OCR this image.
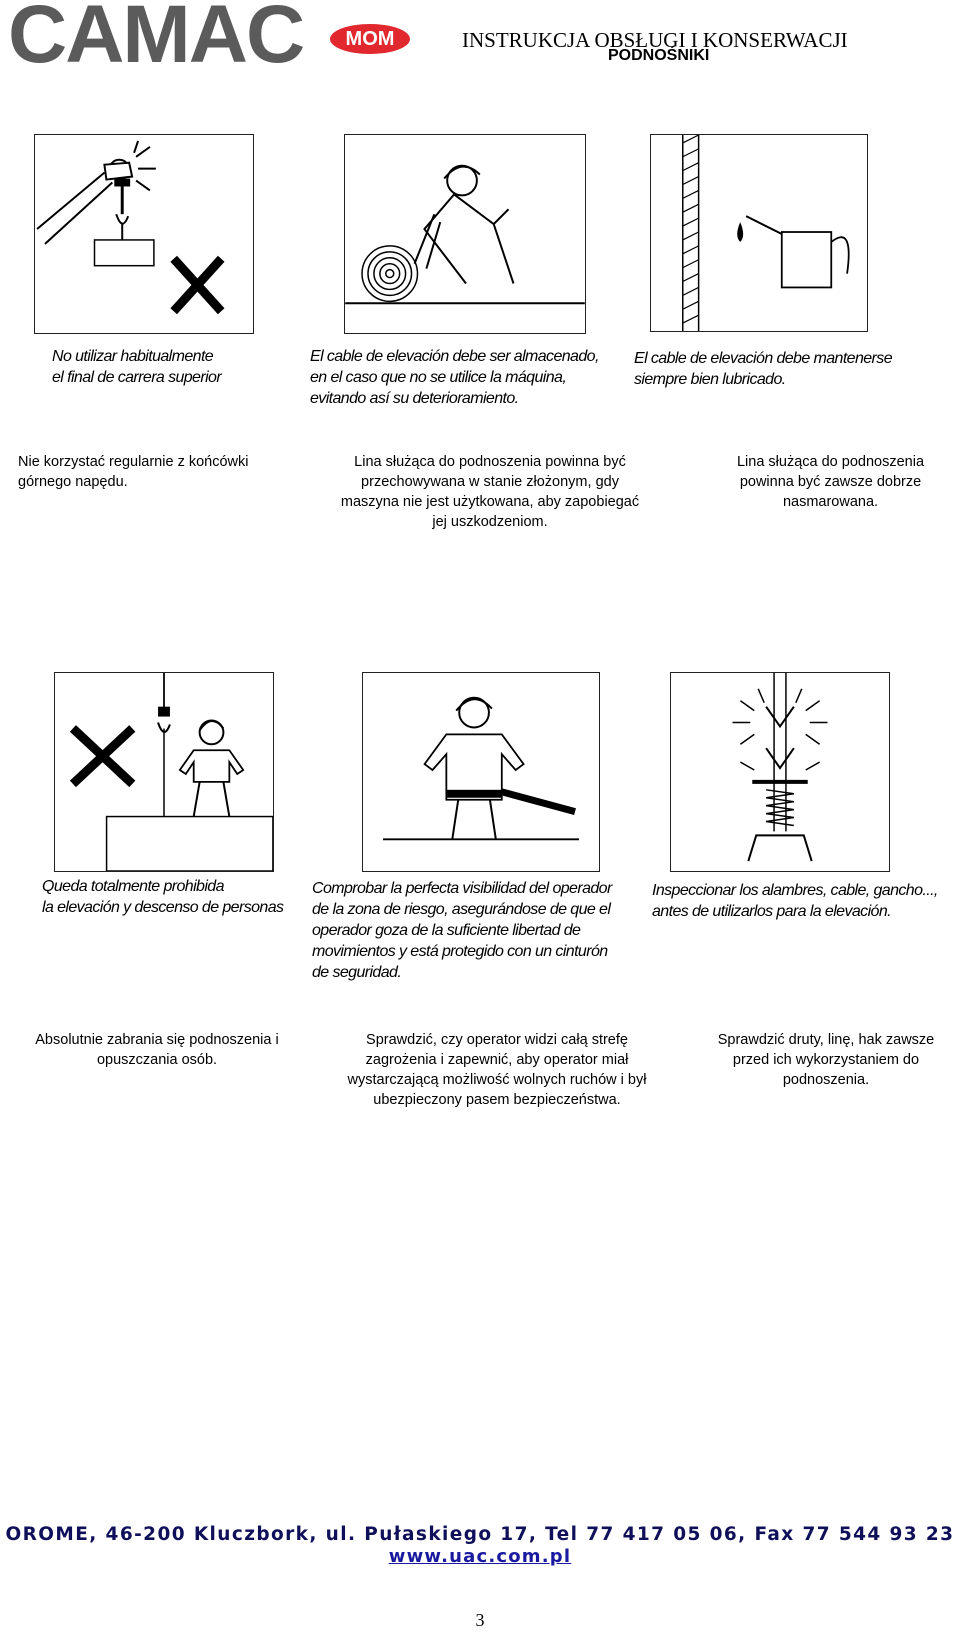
CAMAC	MOM	INSTRUKCJA OBSŁUGI I KONSERWACJI
PODNOŚNIKI
No utilizar habitualmente
el final de carrera superior
El cable de elevación debe ser almacenado,
en el caso que no se utilice la máquina,
evitando así su deterioramiento.
El cable de elevación debe mantenerse
siempre bien lubricado.
Nie korzystać regularnie z końcówki górnego napędu.
Lina służąca do podnoszenia powinna być przechowywana w stanie złożonym, gdy maszyna nie jest użytkowana, aby zapobiegać jej uszkodzeniom.
Lina służąca do podnoszenia powinna być zawsze dobrze nasmarowana.
Queda totalmente prohibida
la elevación y descenso de personas
Comprobar la perfecta visibilidad del operador
de la zona de riesgo, asegurándose de que el
operador goza de la suficiente libertad de
movimientos y está protegido con un cinturón
de seguridad.
Inspeccionar los alambres, cable, gancho...,
antes de utilizarlos para la elevación.
Absolutnie zabrania się podnoszenia i opuszczania osób.
Sprawdzić, czy operator widzi całą strefę zagrożenia i zapewnić, aby operator miał wystarczającą możliwość wolnych ruchów i był ubezpieczony pasem bezpieczeństwa.
Sprawdzić druty, linę, hak zawsze przed ich wykorzystaniem do podnoszenia.
OROME, 46-200 Kluczbork, ul. Pułaskiego 17, Tel 77 417 05 06, Fax 77 544 93 23
www.uac.com.pl
3
